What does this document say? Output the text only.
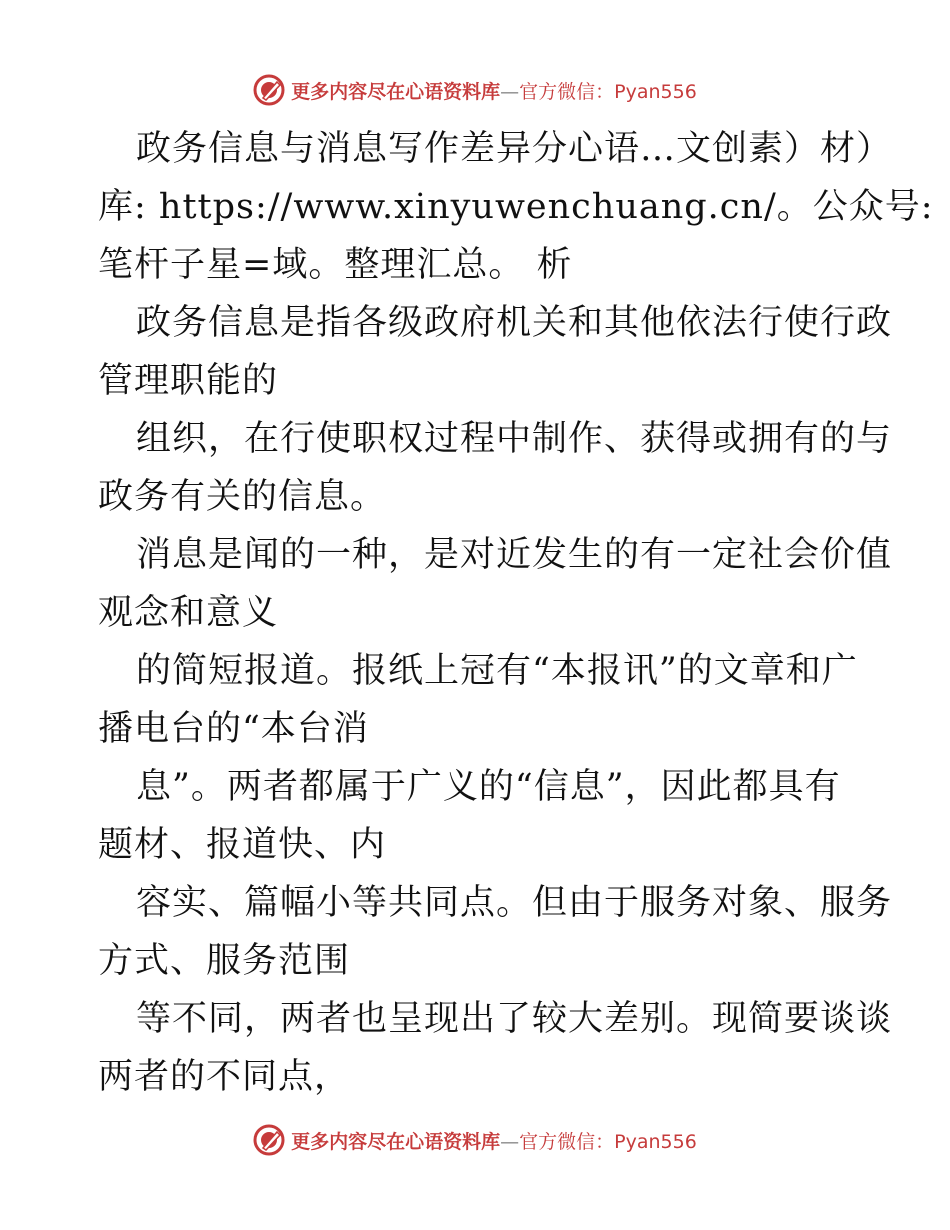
更多内容尽在心语资料库—官方微信：Pyan556
政务信息与消息写作差异分心语…文创素）材）
库: https://www.xinyuwenchuang.cn/。公众号:
笔杆子星=域。整理汇总。 析
政务信息是指各级政府机关和其他依法行使行政
管理职能的
组织，在行使职权过程中制作、获得或拥有的与
政务有关的信息。
消息是闻的一种，是对近发生的有一定社会价值
观念和意义
的简短报道。报纸上冠有“本报讯”的文章和广
播电台的“本台消
息”。两者都属于广义的“信息”，因此都具有
题材、报道快、内
容实、篇幅小等共同点。但由于服务对象、服务
方式、服务范围
等不同，两者也呈现出了较大差别。现简要谈谈
两者的不同点，
更多内容尽在心语资料库—官方微信：Pyan556
